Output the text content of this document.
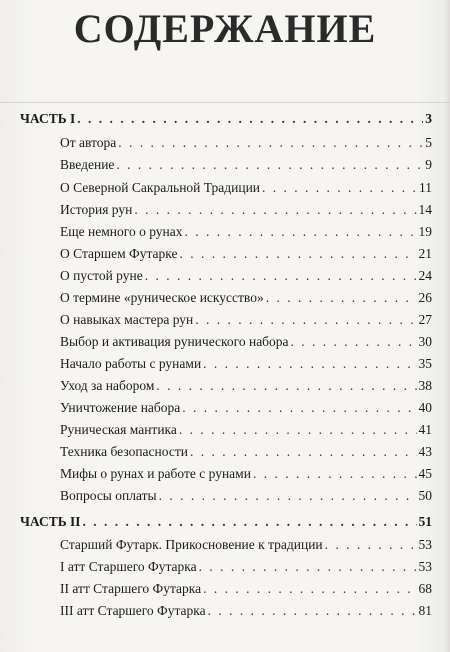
СОДЕРЖАНИЕ
ЧАСТЬ I . . .	3
От автора . . .	5
Введение . . .	9
О Северной Сакральной Традиции . . .	11
История рун . . .	14
Еще немного о рунах . . .	19
О Старшем Футарке . . .	21
О пустой руне . . .	24
О термине «руническое искусство» . . .	26
О навыках мастера рун . . .	27
Выбор и активация рунического набора . . .	30
Начало работы с рунами . . .	35
Уход за набором . . .	38
Уничтожение набора . . .	40
Руническая мантика . . .	41
Техника безопасности . . .	43
Мифы о рунах и работе с рунами . . .	45
Вопросы оплаты . . .	50
ЧАСТЬ II . . .	51
Старший Футарк. Прикосновение к традиции . . .	53
I атт Старшего Футарка . . .	53
II атт Старшего Футарка . . .	68
III атт Старшего Футарка . . .	81
